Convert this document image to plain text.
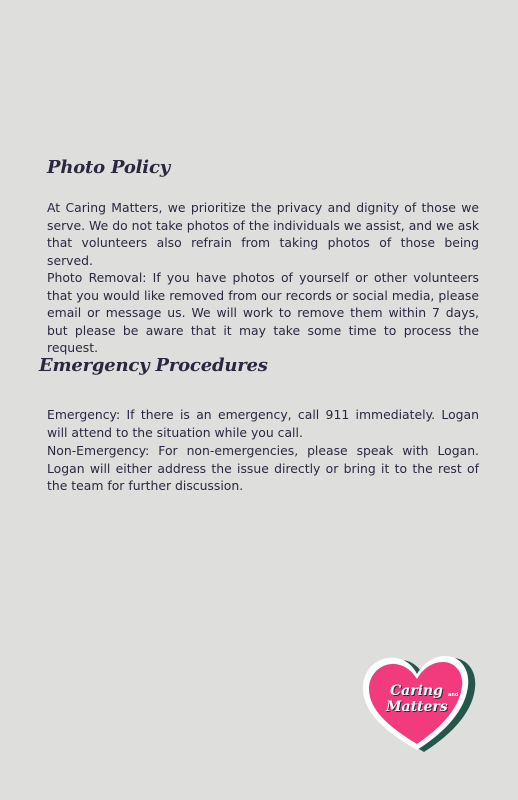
Photo Policy

At Caring Matters, we prioritize the privacy and dignity of those we serve. We do not take photos of the individuals we assist, and we ask that volunteers also refrain from taking photos of those being served.

Photo Removal: If you have photos of yourself or other volunteers that you would like removed from our records or social media, please email or message us. We will work to remove them within 7 days, but please be aware that it may take some time to process the request.

Emergency Procedures

Emergency: If there is an emergency, call 911 immediately. Logan will attend to the situation while you call.

Non-Emergency: For non-emergencies, please speak with Logan. Logan will either address the issue directly or bring it to the rest of the team for further discussion.

Caring and
Matters
